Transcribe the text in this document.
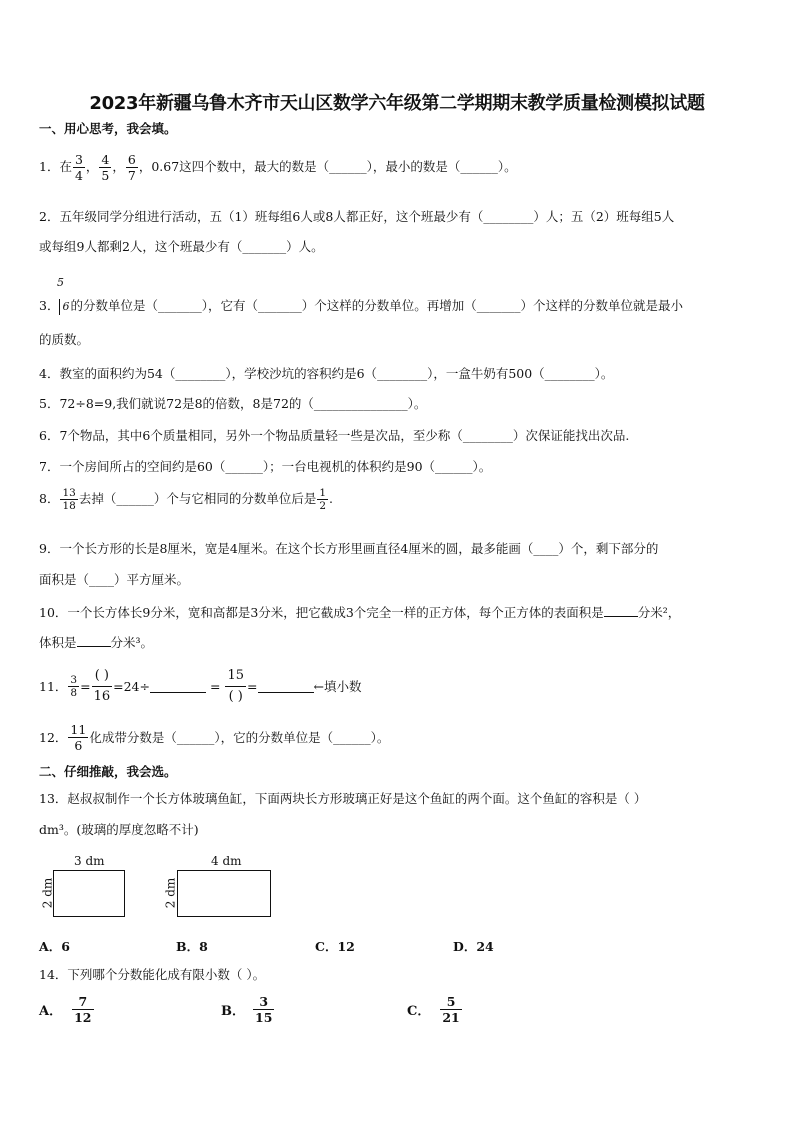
2023年新疆乌鲁木齐市天山区数学六年级第二学期期末教学质量检测模拟试题
一、用心思考，我会填。
1．在 $\frac{3}{4}$ ， $\frac{4}{5}$ ， $\frac{6}{7}$ ，0.67这四个数中，最大的数是（______），最小的数是（______）。
2．五年级同学分组进行活动，五（1）班每组6人或8人都正好，这个班最少有（________）人；五（2）班每组5人
或每组9人都剩2人，这个班最少有（_______）人。
5
3． 6的分数单位是（_______），它有（_______）个这样的分数单位。再增加（_______）个这样的分数单位就是最小
的质数。
4．教室的面积约为54（________），学校沙坑的容积约是6（________），一盒牛奶有500（________）。
5．72÷8=9,我们就说72是8的倍数，8是72的（_______________）。
6．7个物品，其中6个质量相同，另外一个物品质量轻一些是次品，至少称（________）次保证能找出次品.
7．一个房间所占的空间约是60（______）；一台电视机的体积约是90（______）。
8． $\frac{13}{18}$ 去掉（______）个与它相同的分数单位后是 $\frac{1}{2}$ .
9．一个长方形的长是8厘米，宽是4厘米。在这个长方形里画直径4厘米的圆，最多能画（____）个，剩下部分的
面积是（____）平方厘米。
10．一个长方体长9分米，宽和高都是3分米，把它截成3个完全一样的正方体，每个正方体的表面积是	分米²，
体积是	分米³。
11． $\frac{3}{8} = \frac{( )}{16} =24\div$	= $\frac{15}{( )}$ =	←填小数
12． $\frac{11}{6}$ 化成带分数是（______），它的分数单位是（______）。
二、仔细推敲，我会选。
13．赵叔叔制作一个长方体玻璃鱼缸，下面两块长方形玻璃正好是这个鱼缸的两个面。这个鱼缸的容积是（ ）
dm³。(玻璃的厚度忽略不计)
3 dm
2 dm
4 dm
2 dm
A．6	B．8	C．12	D．24
14．下列哪个分数能化成有限小数（ ）。
A． $\frac{7}{12}$	B． $\frac{3}{15}$	C． $\frac{5}{21}$
